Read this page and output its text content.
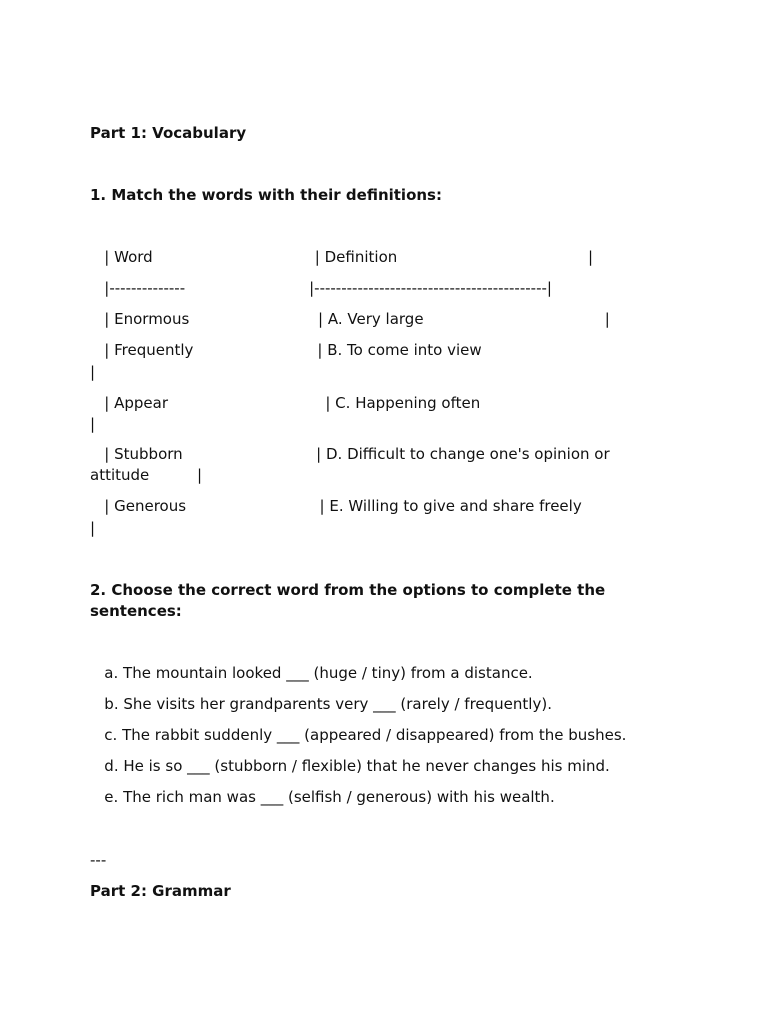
Part 1: Vocabulary

1. Match the words with their definitions:

| Word                                  | Definition                                        |

|--------------                          |-------------------------------------------|

| Enormous                           | A. Very large                                      |

| Frequently                          | B. To come into view

|

| Appear                                 | C. Happening often

|

| Stubborn                            | D. Difficult to change one's opinion or

attitude          |

| Generous                            | E. Willing to give and share freely

|

2. Choose the correct word from the options to complete the sentences:

a. The mountain looked ___ (huge / tiny) from a distance.

b. She visits her grandparents very ___ (rarely / frequently).

c. The rabbit suddenly ___ (appeared / disappeared) from the bushes.

d. He is so ___ (stubborn / flexible) that he never changes his mind.

e. The rich man was ___ (selfish / generous) with his wealth.

---

Part 2: Grammar
